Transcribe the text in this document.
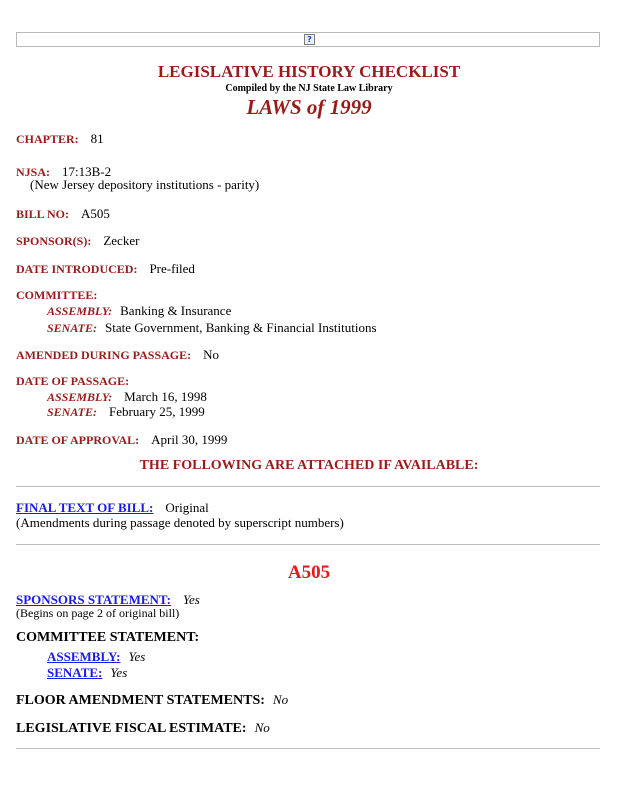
?
LEGISLATIVE HISTORY CHECKLIST
Compiled by the NJ State Law Library
LAWS of 1999
CHAPTER: 81
NJSA: 17:13B-2
(New Jersey depository institutions - parity)
BILL NO: A505
SPONSOR(S): Zecker
DATE INTRODUCED: Pre-filed
COMMITTEE:
ASSEMBLY: Banking & Insurance
SENATE: State Government, Banking & Financial Institutions
AMENDED DURING PASSAGE: No
DATE OF PASSAGE:
ASSEMBLY: March 16, 1998
SENATE: February 25, 1999
DATE OF APPROVAL: April 30, 1999
THE FOLLOWING ARE ATTACHED IF AVAILABLE:
FINAL TEXT OF BILL: Original
(Amendments during passage denoted by superscript numbers)
A505
SPONSORS STATEMENT: Yes
(Begins on page 2 of original bill)
COMMITTEE STATEMENT:
ASSEMBLY: Yes
SENATE: Yes
FLOOR AMENDMENT STATEMENTS: No
LEGISLATIVE FISCAL ESTIMATE: No
